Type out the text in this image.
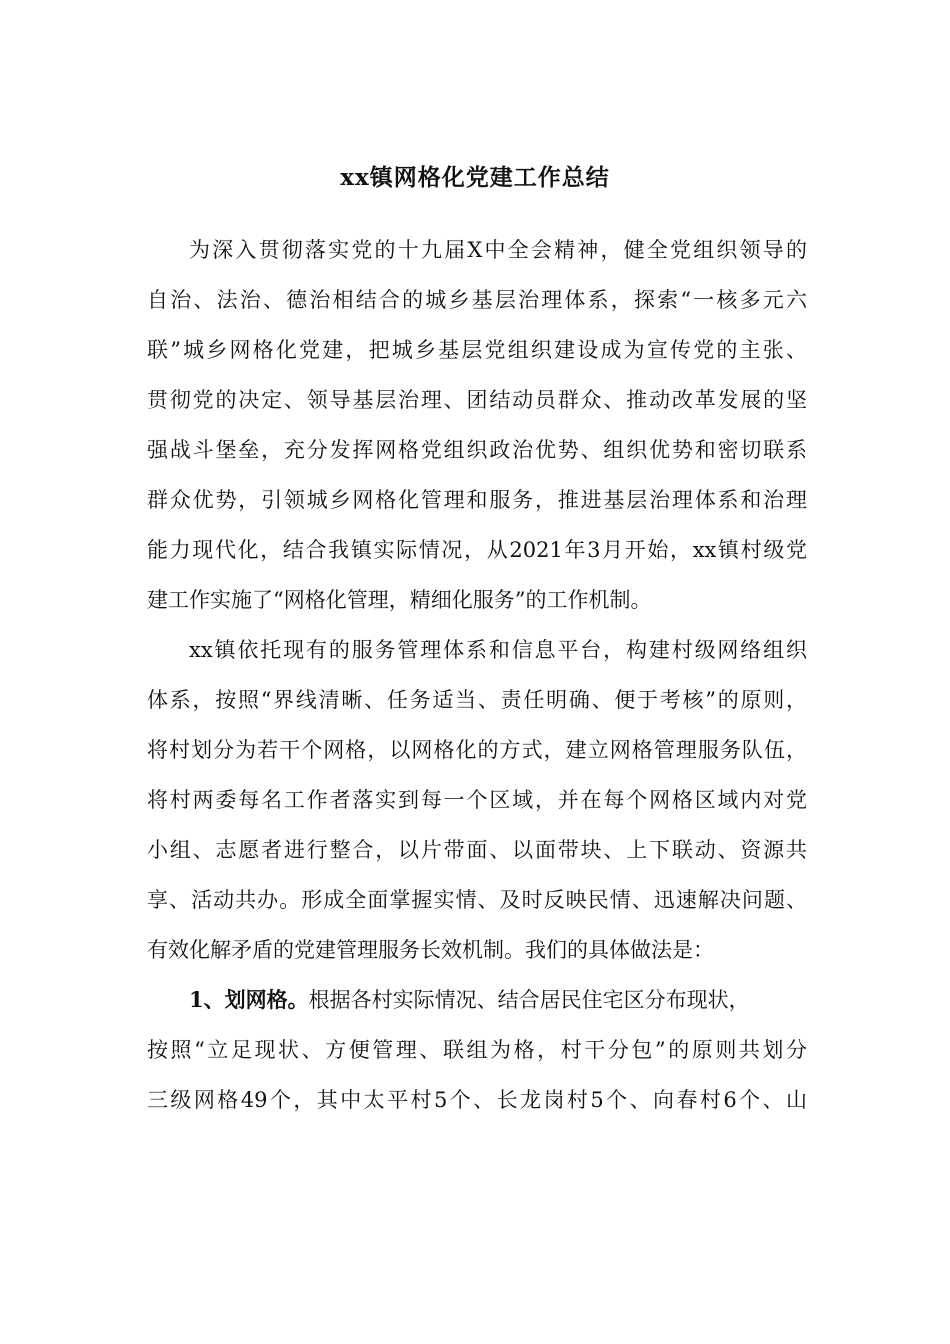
xx镇网格化党建工作总结
为深入贯彻落实党的十九届X中全会精神，健全党组织领导的
自治、法治、德治相结合的城乡基层治理体系，探索“一核多元六
联”城乡网格化党建，把城乡基层党组织建设成为宣传党的主张、
贯彻党的决定、领导基层治理、团结动员群众、推动改革发展的坚
强战斗堡垒，充分发挥网格党组织政治优势、组织优势和密切联系
群众优势，引领城乡网格化管理和服务，推进基层治理体系和治理
能力现代化，结合我镇实际情况，从2021年3月开始，xx镇村级党
建工作实施了“网格化管理，精细化服务”的工作机制。
xx镇依托现有的服务管理体系和信息平台，构建村级网络组织
体系，按照“界线清晰、任务适当、责任明确、便于考核”的原则，
将村划分为若干个网格，以网格化的方式，建立网格管理服务队伍，
将村两委每名工作者落实到每一个区域，并在每个网格区域内对党
小组、志愿者进行整合，以片带面、以面带块、上下联动、资源共
享、活动共办。形成全面掌握实情、及时反映民情、迅速解决问题、
有效化解矛盾的党建管理服务长效机制。我们的具体做法是：
1、划网格。根据各村实际情况、结合居民住宅区分布现状，
按照“立足现状、方便管理、联组为格，村干分包”的原则共划分
三级网格49个，其中太平村5个、长龙岗村5个、向春村6个、山
